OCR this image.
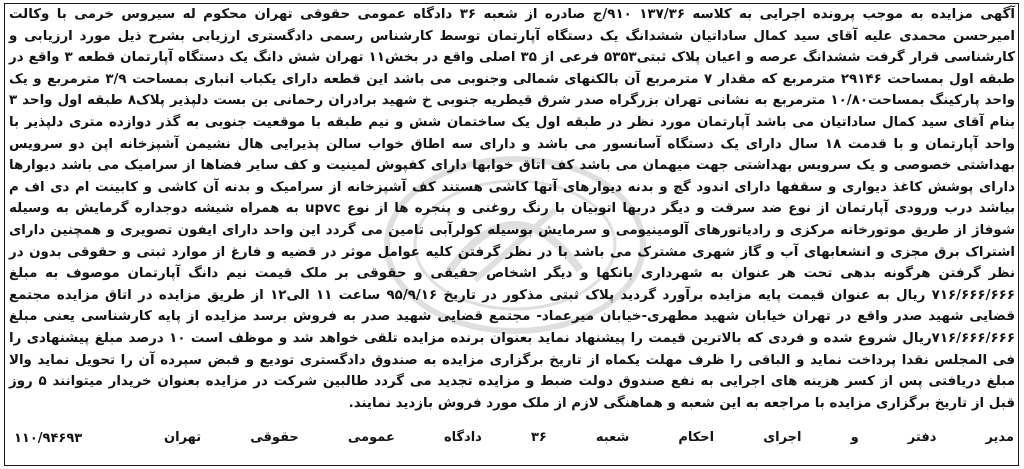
آگهی مزایده به موجب پرونده اجرایی به کلاسه ۱۳۷/۳۶ ۹۱۰/ج صادره از شعبه ۳۶ دادگاه عمومی حقوقی تهران محکوم له سیروس خرمی با وکالت امیرحسن محمدی علیه آقای سید کمال ساداتیان ششدانگ یک دستگاه آپارتمان توسط کارشناس رسمی دادگستری ارزیابی بشرح ذیل مورد ارزیابی و کارشناسی قرار گرفت ششدانگ عرصه و اعیان پلاک ثبتی۵۳۵۳ فرعی از ۳۵ اصلی واقع در بخش۱۱ تهران شش دانگ یک دستگاه آپارتمان قطعه ۳ واقع در طبقه اول بمساحت ۲۹۱۴۶ مترمربع که مقدار ۷ مترمربع آن بالکنهای شمالی وجنوبی می باشد این قطعه دارای یکباب انباری بمساحت ۳/۹ مترمربع و یک واحد پارکینگ بمساحت۱۰/۸۰ مترمربع به نشانی تهران بزرگراه صدر شرق قیطریه جنوبی خ شهید برادران رحمانی بن بست دلپذیر پلاک۸ طبقه اول واحد ۳ بنام آقای سید کمال ساداتیان می باشد آپارتمان مورد نظر در طبقه اول یک ساختمان شش و نیم طبقه با موقعیت جنوبی به گذر دوازده متری دلپذیر با واحد آپارتمان و با قدمت ۱۸ سال دارای یک دستگاه آسانسور می باشد و دارای سه اطاق خواب سالن پذیرایی هال نشیمن آشپزخانه اپن دو سرویس بهداشتی خصوصی و یک سرویس بهداشتی جهت میهمان می باشد کف اتاق خوابها دارای کفپوش لمینیت و کف سایر فضاها از سرامیک می باشد دیوارها دارای پوشش کاغذ دیواری و سقفها دارای اندود گچ و بدنه دیوارهای آنها کاشی هستند کف آشپزخانه از سرامیک و بدنه آن کاشی و کابینت ام دی اف م بیاشد درب ورودی آپارتمان از نوع ضد سرقت و دیگر دربها اتوبیان با رنگ روغنی و پنجره ها از نوع upvc به همراه شیشه دوجداره گرمایش به وسیله شوفاژ از طریق موتورخانه مرکزی و رادیاتورهای آلومینیومی و سرمایش بوسیله کولرآبی تامین می گردد این واحد دارای ایفون تصویری و همچنین دارای اشتراک برق مجزی و انشعابهای آب و گاز شهری مشترک می باشد با در نظر گرفتن کلیه عوامل موثر در قضیه و فارغ از موارد ثبتی و حقوقی بدون در نظر گرفتن هرگونه بدهی تحت هر عنوان به شهرداری بانکها و دیگر اشخاص حقیقی و حقوقی بر ملک قیمت نیم دانگ آپارتمان موصوف به مبلغ ۷۱۶/۶۶۶/۶۶۶ ریال به عنوان قیمت پایه مزایده برآورد گردید پلاک ثبتی مذکور در تاریخ ۹۵/۹/۱۶ ساعت ۱۱ الی۱۲ از طریق مزایده در اتاق مزایده مجتمع قضایی شهید صدر واقع در تهران خیابان شهید مطهری-خیابان میرعماد- مجتمع قضایی شهید صدر به فروش برسد مزایده از پایه کارشناسی یعنی مبلغ ۷۱۶/۶۶۶/۶۶۶ریال شروع شده و فردی که بالاترین قیمت را پیشنهاد نماید بعنوان برنده مزایده تلقی خواهد شد و موظف است ۱۰ درصد مبلغ پیشنهادی را فی المجلس نقدا پرداخت نماید و الباقی را ظرف مهلت یکماه از تاریخ برگزاری مزایده به صندوق دادگستری تودیع و قبض سپرده آن را تحویل نماید والا مبلغ دریافتی پس از کسر هزینه های اجرایی به نفع صندوق دولت ضبط و مزایده تجدید می گردد طالبین شرکت در مزایده بعنوان خریدار میتوانند ۵ روز قبل از تاریخ برگزاری مزایده با مراجعه به این شعبه و هماهنگی لازم از ملک مورد فروش بازدید نمایند.

مدیر
دفتر
و
اجرای
احکام
شعبه
۳۶
دادگاه
عمومی
حقوقی
تهران
۱۱۰/۹۴۶۹۳
